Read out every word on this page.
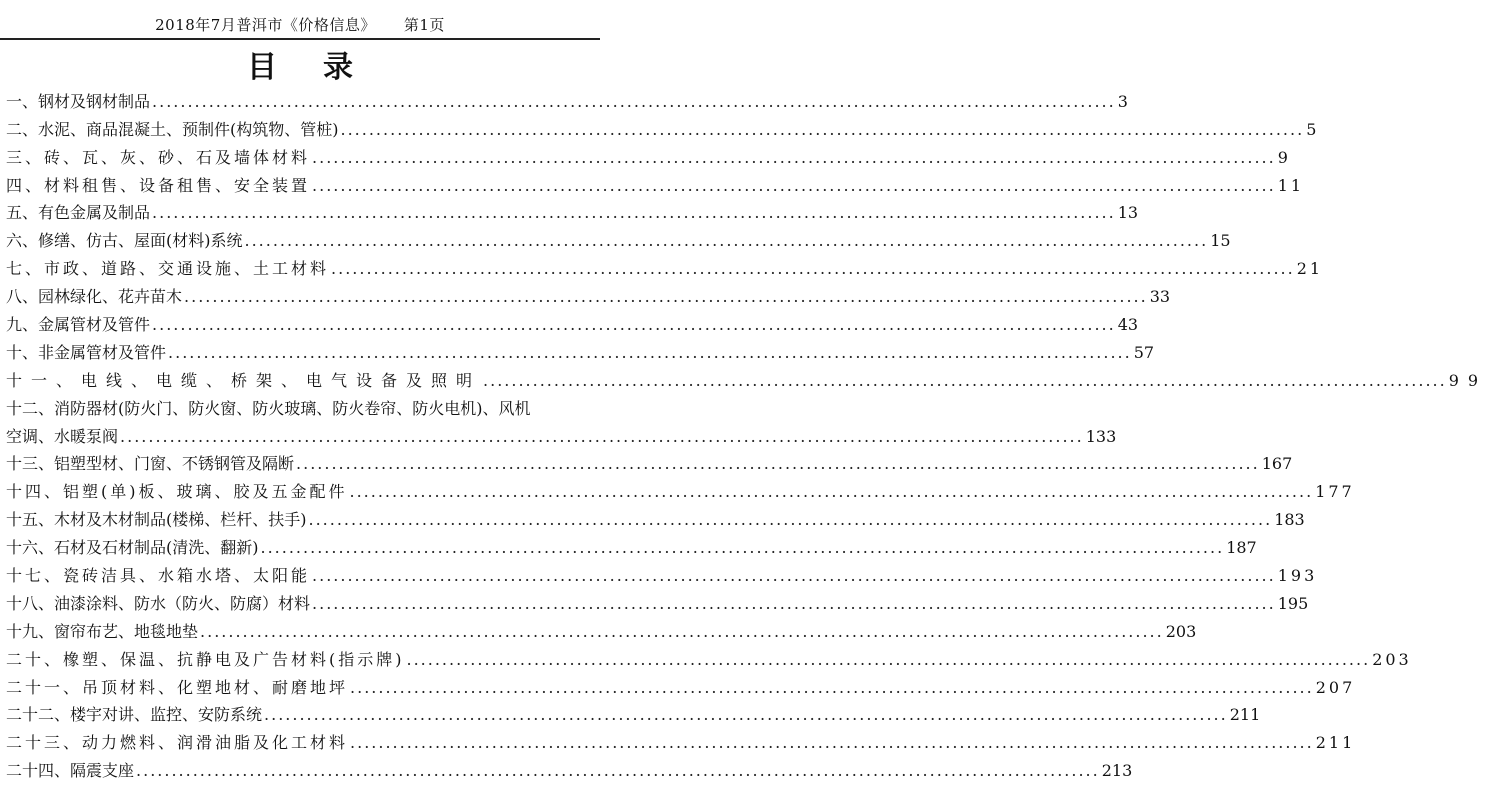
2018年7月普洱市《价格信息》 第1页
目录
一、钢材及钢材制品 ........................................................................................................................................ 3
二、水泥、商品混凝土、预制件(构筑物、管桩) ........................................................................................................................................ 5
三、砖、瓦、灰、砂、石及墙体材料 ........................................................................................................................................ 9
四、材料租售、设备租售、安全装置 ........................................................................................................................................ 11
五、有色金属及制品 ........................................................................................................................................ 13
六、修缮、仿古、屋面(材料)系统 ........................................................................................................................................ 15
七、市政、道路、交通设施、土工材料 ........................................................................................................................................ 21
八、园林绿化、花卉苗木 ........................................................................................................................................ 33
九、金属管材及管件 ........................................................................................................................................ 43
十、非金属管材及管件 ........................................................................................................................................ 57
十一、电线、电缆、桥架、电气设备及照明 ........................................................................................................................................ 99
十二、消防器材(防火门、防火窗、防火玻璃、防火卷帘、防火电机)、风机
空调、水暖泵阀 ........................................................................................................................................ 133
十三、铝塑型材、门窗、不锈钢管及隔断 ........................................................................................................................................ 167
十四、铝塑(单)板、玻璃、胶及五金配件 ........................................................................................................................................ 177
十五、木材及木材制品(楼梯、栏杆、扶手) ........................................................................................................................................ 183
十六、石材及石材制品(清洗、翻新) ........................................................................................................................................ 187
十七、瓷砖洁具、水箱水塔、太阳能 ........................................................................................................................................ 193
十八、油漆涂料、防水（防火、防腐）材料 ........................................................................................................................................ 195
十九、窗帘布艺、地毯地垫 ........................................................................................................................................ 203
二十、橡塑、保温、抗静电及广告材料(指示牌) ........................................................................................................................................ 203
二十一、吊顶材料、化塑地材、耐磨地坪 ........................................................................................................................................ 207
二十二、楼宇对讲、监控、安防系统 ........................................................................................................................................ 211
二十三、动力燃料、润滑油脂及化工材料 ........................................................................................................................................ 211
二十四、隔震支座 ........................................................................................................................................ 213
